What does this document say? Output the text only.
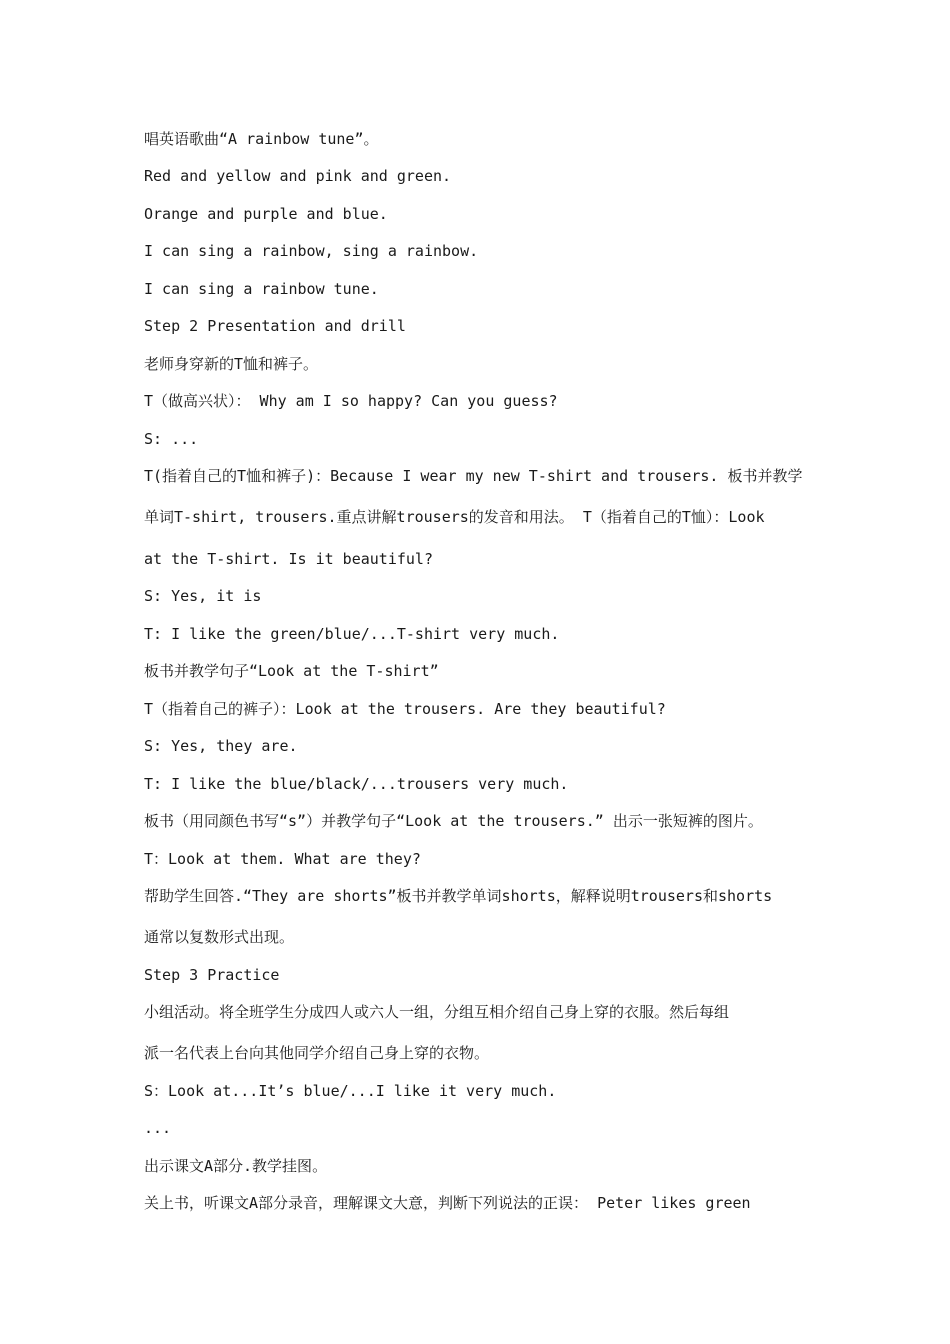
唱英语歌曲“A rainbow tune”。
Red and yellow and pink and green.
Orange and purple and blue.
I can sing a rainbow, sing a rainbow.
I can sing a rainbow tune.
Step 2 Presentation and drill
老师身穿新的T恤和裤子。
T（做高兴状）： Why am I so happy? Can you guess?
S: ...
T(指着自己的T恤和裤子)：Because I wear my new T-shirt and trousers. 板书并教学
单词T-shirt, trousers.重点讲解trousers的发音和用法。 T（指着自己的T恤）：Look
at the T-shirt. Is it beautiful?
S: Yes, it is
T: I like the green/blue/...T-shirt very much.
板书并教学句子“Look at the T-shirt”
T（指着自己的裤子）：Look at the trousers. Are they beautiful?
S: Yes, they are.
T: I like the blue/black/...trousers very much.
板书（用同颜色书写“s”）并教学句子“Look at the trousers.” 出示一张短裤的图片。
T：Look at them. What are they?
帮助学生回答.“They are shorts”板书并教学单词shorts，解释说明trousers和shorts
通常以复数形式出现。
Step 3 Practice
小组活动。将全班学生分成四人或六人一组，分组互相介绍自己身上穿的衣服。然后每组
派一名代表上台向其他同学介绍自己身上穿的衣物。
S：Look at...It’s blue/...I like it very much.
...
出示课文A部分.教学挂图。
关上书，听课文A部分录音，理解课文大意，判断下列说法的正误： Peter likes green
